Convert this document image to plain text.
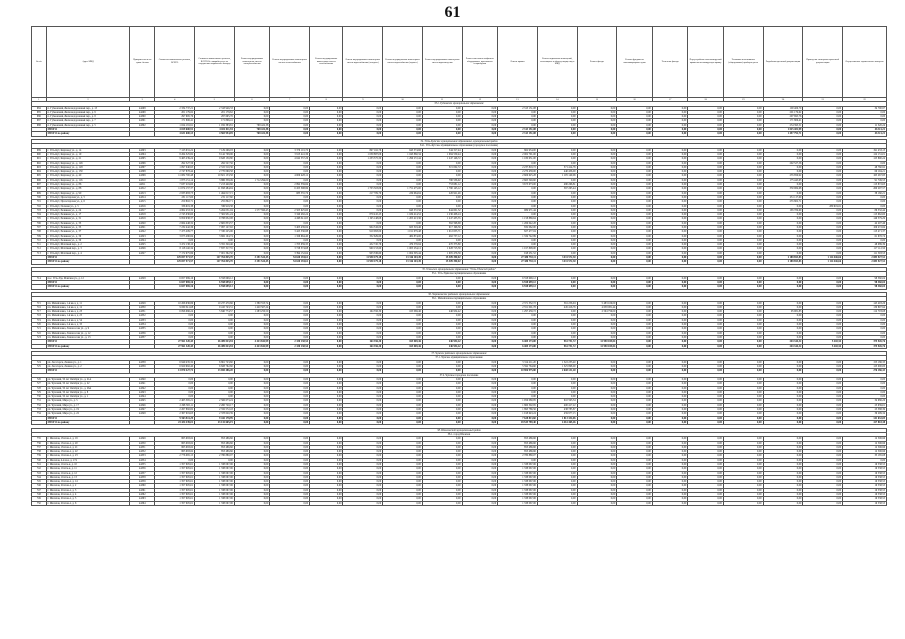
61
№ п/п	Адрес МКД	Приоритетность по сумме баллов	Стоимость капитального ремонта, ВСЕГО	Стоимость капитального ремонта, ВСЕГО Без аварийн.услуг по сооружению подвального колодца	Ремонт внутридомовых инженерных систем электроснабжения	Ремонт внутридомовых инженерных систем теплоснабжения	Ремонт внутридомовых инженерных систем газоснабжения	Ремонт внутридомовых инженерных систем водоснабжения (холодное)	Ремонт внутридомовых инженерных систем водоснабжения (горячее)	Ремонт внутридомовых инженерных систем водоотведения	Ремонт или замена лифтового оборудования, признанного непригодным	Ремонт крыши	Ремонт подвальных помещений, относящихся к общему имуществу в МКД	Ремонт фасада	Ремонт фундамента многоквартирного дома	Утепление фасада	Переустройство невентилируемой крыши на вентилируемую крышу	Установка коллективных (общедомовых) приборов учета	Разработка проектной документации	Проведение экспертизы проектной документации	Осуществление строительного контроля
1	2	3	4	5	6	7	8	9	10	11	12	13	14	15	16	17	18	19	20	21	22
33.2. Губковское муниципальное образование																					
684	п. Губковский, Железнодорожный пер., д. 13	44298	2 334 737,21	2 318 946,33	0,00	0,00	0,00	0,00	0,00	0,00	0,00	2 313 151,08	0,00	0,00	0,00	0,00	0,00	0,00	100 406,70	0,00	34 790,97
685	п. Губковский, Железнодорожный пер., д. 9	44299	201 179,62	201 179,62	0,00	0,00	0,00	0,00	0,00	0,00	0,00	0,00	0,00	0,00	0,00	0,00	0,00	0,00	201 179,62	0,00	0,00
686	п. Губковский, Железнодорожный пер., д. 8	44300	297 695,76	297 695,76	0,00	0,00	0,00	0,00	0,00	0,00	0,00	0,00	0,00	0,00	0,00	0,00	0,00	0,00	297 695,76	0,00	0,00
687	п. Губковский, Железнодорожный пер., д. 7	44301	171 806,41	171 806,41	0,00	0,00	0,00	0,00	0,00	0,00	0,00	0,00	0,00	0,00	0,00	0,00	0,00	0,00	171 806,41	0,00	0,00
688	п. Губковский, Железнодорожный пер., д. 5	44302	1 024 181,91	1 032 383,81	768 422,58	0,00	0,00	0,00	0,00	0,00	0,00	0,00	0,00	0,00	0,00	0,00	0,00	0,00	254 393,51	0,00	11 520,24
	ИТОГО		4 029 600,91	4 022 011,94	768 422,58	0,00	0,00	0,00	0,00	0,00	0,00	2 313 151,08	0,00	0,00	0,00	0,00	0,00	0,00	1 025 481,99	0,00	46 311,21
	ИТОГО по району		4 631 600,13	4 565 954,05	768 422,58	0,00	0,00	0,00	0,00	0,00	0,00	2 313 151,08	0,00	0,00	0,00	0,00	0,00	0,00	1 457 792,71	0,00	46 311,21

34. Усть-Кутское муниципальное образование, муниципальный район																					
34.1. Усть-Кутское муниципальное образование (городское поселение)																					
689	г. Усть-Кут, Кирзавод ул., д. 14	44303	7 123 631,22	7 129 296,03	0,00	3 376 101,70	0,00	897 162,76	643 374,66	544 317,44	0,00	862 954,00	0,00	0,00	0,00	0,00	0,00	0,00	0,00	0,00	191 433,13
690	г. Усть-Кут, Кирзавод ул., д. 19	44304	8 264 325,82	8 142 708,06	0,00	3 913 441,36	0,00	1 039 887,06	1 043 860,34	1 094 559,44	0,00	2 002 791,00	0,00	0,00	0,00	0,00	0,00	0,00	0,00	0,00	122 131,01
691	г. Усть-Кут, Кирзавод ул., д. 21	44305	9 465 239,24	9 628 130,80	0,00	4 642 557,26	0,00	1 233 575,30	1 296 272,44	1 247 146,72	0,00	1 180 651,00	0,00	0,00	0,00	0,00	0,00	0,00	0,00	0,00	125 890,24
692	г. Усть-Кут, Кирзавод ул., д. 126	44306	292 527,56	292 527,56	0,00	0,00	0,00	0,00	0,00	0,00	0,00	0,00	0,00	0,00	0,00	0,00	0,00	0,00	292 527,56	0,00	0,00
693	г. Усть-Кут, Кирзавод ул., д. 128	44307	1 097 040,95	2 315 510,36	0,00	0,00	0,00	0,00	0,00	315 002,72	0,00	2 237 819,72	371 414,76	0,00	0,00	0,00	0,00	0,00	0,00	0,00	48 760,92
694	г. Усть-Кут, Кирзавод ул., д. 130	44308	2 747 878,44	2 770 090,58	0,00	0,00	0,00	0,00	0,00	0,00	0,00	2 270 438,00	440 456,00	0,00	0,00	0,00	0,00	0,00	0,00	0,00	69 194,21
695	г. Усть-Кут, Кирзавод ул., д. 40	44309	11 082 700,48	10 821 153,58	0,00	4 609 428,12	0,00	0,00	0,00	0,00	0,00	2 606 625,28	1 105 149,06	0,00	0,00	0,00	0,00	0,00	235 856,92	0,00	165 267,83
696	г. Усть-Кут, Кирзавод ул., д. 116	44310	1 873 151,14	3 886 358,49	1 712 294,00	0,00	0,00	0,00	0,00	780 536,92	0,00	2 665 549,60	0,00	0,00	0,00	0,00	0,00	0,00	175 445,63	0,00	91 749,53
697	г. Усть-Кут, Кирзавод ул., д. 86	44311	7 637 219,60	7 213 440,66	0,00	2 892 359,84	0,00	0,00	0,00	753 681,12	0,00	3 673 673,00	480 266,81	0,00	0,00	0,00	0,00	0,00	0,00	0,00	113 872,63
698	г. Усть-Кут, Кирзавод ул., д. 88	44312	11 674 137,37	11 658 484,94	0,00	6 455 398,99	0,00	1 703 503,86	1 751 475,00	1 790 145,12	0,00	0,00	367 265,44	0,00	0,00	0,00	0,00	0,00	330 984,68	0,00	260 297,57
699	г. Усть-Кут, Кирзавод ул., д. 90	44313	2 833 983,73	1 494 017,15	0,00	683 555,76	0,00	217 709,79	229 664,94	226 921,46	0,00	0,00	0,00	0,00	0,00	0,00	0,00	0,00	0,00	0,00	38 160,21
700	г. Усть-Кут, Пролетарская ул., д. 5	44314	231 117,60	231 117,60	0,00	0,00	0,00	0,00	0,00	0,00	0,00	0,00	0,00	0,00	0,00	0,00	0,00	0,00	231 117,60	0,00	0,00
701	г. Усть-Кут, Пролетарская ул., д. 6	44315	250 802,71	255 802,71	0,00	0,00	0,00	0,00	0,00	0,00	0,00	0,00	0,00	0,00	0,00	0,00	0,00	0,00	255 802,71	0,00	0,00
702	г. Усть-Кут, Полевая ул., д. 5	44316	336 919,38	336 919,38	0,00	0,00	0,00	0,00	0,00	0,00	0,00	0,00	0,00	0,00	0,00	0,00	0,00	0,00	0,00	289 919,61	0,00
703	г. Усть-Кут, Речников ул., д. 24	44317	4 862 453,32	5 264 051,04	1 577 590,45	2 503 925,60	0,00	0,00	643 372,56	644 601,32	0,00	989 971,44	0,00	0,00	0,00	0,00	0,00	0,00	165 709,60	0,00	86 332,44
704	г. Усть-Кут, Речников ул., д. 17	44318	2 745 030,60	7 302 931,24	0,00	3 340 482,24	0,00	879 410,23	1 029 414,52	1 236 408,24	0,00	0,00	0,00	0,00	0,00	0,00	0,00	0,00	0,00	0,00	115 662,60
705	г. Усть-Кут, Речников ул., д. 31	44319	9 859 938,37	9 788 632,08	0,00	4 498 611,65	0,00	1 195 148,68	1 205 413,36	1 247 433,35	0,00	1 158 889,64	0,00	0,00	0,00	0,00	0,00	0,00	0,00	0,00	149 379,29
706	г. Усть-Кут, Речников ул., д. 33	44320	2 664 448,32	2 665 853,57	0,00	0,00	0,00	0,00	0,00	362 598,68	0,00	1 266 042,28	0,00	0,00	0,00	0,00	0,00	0,00	0,00	0,00	42 207,46
707	г. Усть-Кут, Речников ул., д. 35	44321	7 232 442,36	7 097 127,92	0,00	3 403 439,84	0,00	904 316,00	925 319,46	917 196,56	0,00	832 062,00	0,00	0,00	0,00	0,00	0,00	0,00	0,00	0,00	109 272,84
708	г. Усть-Кут, Речников ул., д. 37	44322	7 475 209,77	7 330 225,06	0,00	3 425 336,88	0,00	910 093,00	1 011 679,48	1 012 653,71	0,00	827 477,04	0,00	0,00	0,00	0,00	0,00	0,00	0,00	0,00	113 471,37
709	г. Усть-Кут, Речников ул., д. 39	44323	3 675 280,84	3 682 104,74	0,00	1 326 664,40	0,00	352 629,60	482 874,00	462 757,12	0,00	1 334 742,89	0,00	0,00	0,00	0,00	0,00	0,00	0,00	0,00	61 676,74
710	г. Усть-Кут, Речников ул., д. 30	44324	0,00	0,00	0,00	0,00	0,00	0,00	0,00	0,00	0,00	0,00	0,00	0,00	0,00	0,00	0,00	0,00	0,00	0,00	0,00
711	г. Усть-Кут, Шахтный пер., д. 2	44325	3 472 138,10	3 355 320,46	0,00	1 703 059,35	0,00	452 745,76	479 576,94	470 373,80	0,00	0,00	0,00	0,00	0,00	0,00	0,00	0,00	0,00	0,00	48 089,39
712	г. Усть-Кут, Шахтный пер., д. 3	44326	8 118 140,34	7 837 317,55	0,00	3 728 374,68	0,00	960 153,60	1 005 234,12	1 028 713,58	0,00	1 017 808,00	0,00	0,00	0,00	0,00	0,00	0,00	0,00	0,00	117 112,50
713	г. Усть-Кут, Шахтный пер., д. 4	44327	7 172 975,99	7 001 362,50	0,00	3 394 152,64	0,00	903 336,60	1 004 305,44	1 005 476,39	0,00	918 231,52	0,00	0,00	0,00	0,00	0,00	0,00	0,00	0,00	111 593,53
	ИТОГО		129 057 571,57	127 764 845,70	3 291 524,45	54 620 194,61	0,00	11 950 179,18	13 316 103,49	15 309 390,02	0,00	27 380 792,11	3 011 572,30	0,00	0,00	0,00	0,00	0,00	2 188 853,83	1 114 446,66	2 083 927,51
	ИТОГО по району		129 057 571,57	127 764 845,70	3 291 524,45	54 620 194,61	0,00	11 950 179,18	13 316 103,49	15 309 390,02	0,00	27 380 792,11	3 011 572,30	0,00	0,00	0,00	0,00	0,00	2 188 853,83	1 114 446,66	2 083 927,51

35. Усольское муниципальное образование "Усть-Удинский район"																					
35.1. Усть-Удинское муниципальное образование																					
714	пос. Усть-Уда, Майская ул., д. 12	44328	6 657 069,16	6 558 699,12	0,00	0,00	0,00	0,00	0,00	0,00	0,00	6 558 699,12	0,00	0,00	0,00	0,00	0,00	0,00	0,00	0,00	98 360,04
	ИТОГО		6 657 069,16	6 558 699,12	0,00	0,00	0,00	0,00	0,00	0,00	0,00	6 558 699,12	0,00	0,00	0,00	0,00	0,00	0,00	0,00	0,00	98 360,04
	ИТОГО по району		6 657 069,16	6 558 699,12	0,00	0,00	0,00	0,00	0,00	0,00	0,00	6 558 699,12	0,00	0,00	0,00	0,00	0,00	0,00	0,00	0,00	98 360,04

36. Черемховское районное муниципальное образование																					
36.1. Михайловское муниципальное образование																					
715	пп. Михайловка, 1-й кв-л, д. 11	44329	10 266 936,86	10 237 470,66	1 380 553,74	0,00	0,00	0,00	0,00	0,00	0,00	2 371 332,72	361 256,94	5 483 106,00	0,00	0,00	0,00	0,00	0,00	0,00	145 493,26
716	пп. Михайловка, 1-й кв-л, д. 12	44330	9 600 611,68	9 410 743,31	1 420 567,24	0,00	0,00	0,00	0,00	0,00	0,00	2 551 001,78	445 416,76	4 658 081,44	0,00	0,00	0,00	0,00	0,00	0,00	130 897,94
717	пп. Михайловка, 1-й кв-л, д. 23	44331	6 096 066,24	5 840 774,57	1 283 250,50	0,00	0,00	164 356,30	165 069,46	246 954,42	0,00	1 297 459,72	0,00	2 504 756,00	0,00	0,00	0,00	0,00	95 981,83	0,00	112 703,08
718	пп. Михайловка, 1-й кв-л, д. 25	44332	0,00	0,00	0,00	0,00	0,00	0,00	0,00	0,00	0,00	0,00	0,00	0,00	0,00	0,00	0,00	0,00	0,00	0,00	0,00
719	пп. Михайловка, 2-й кв-л, д. 54	44333	0,00	0,00	0,00	0,00	0,00	0,00	0,00	0,00	0,00	0,00	0,00	0,00	0,00	0,00	0,00	0,00	0,00	0,00	0,00
720	пп. Михайловка, 2-й кв-л, д. 35	44334	0,00	0,00	0,00	0,00	0,00	0,00	0,00	0,00	0,00	0,00	0,00	0,00	0,00	0,00	0,00	0,00	0,00	0,00	0,00
721	пп. Михайловка, Ломоносова ул., д. 9	44335	0,00	0,00	0,00	0,00	0,00	0,00	0,00	0,00	0,00	0,00	0,00	0,00	0,00	0,00	0,00	0,00	0,00	0,00	0,00
722	пп. Михайловка, Ломоносова ул., д. 12	44336	0,00	0,00	0,00	0,00	0,00	0,00	0,00	0,00	0,00	0,00	0,00	0,00	0,00	0,00	0,00	0,00	0,00	0,00	0,00
723	пп. Михайловка, Ломоносова ул., д. 13	44337	0,00	0,00	0,00	0,00	0,00	0,00	0,00	0,00	0,00	0,00	0,00	0,00	0,00	0,00	0,00	0,00	0,00	0,00	0,00
	ИТОГО		27 961 320,45	26 489 023,94	4 423 842,99	2 330 138,54	0,00	164 356,30	165 069,46	246 954,42	0,00	6 469 173,00	961 751,72	12 990 035,04	0,00	0,00	0,00	0,00	263 344,32	5 202,54	375 926,76
	ИТОГО по району		27 961 320,45	26 489 023,94	4 423 842,99	2 330 138,54	0,00	164 356,30	165 069,46	246 954,42	0,00	6 469 173,00	961 751,72	12 990 035,04	0,00	0,00	0,00	0,00	263 344,32	5 202,54	375 926,76

37. Чунское районное муниципальное образование																					
37.1. Чунское муниципальное образование																					
724	рп. Лесогорск, Ленина ул., д. 1	44338	6 949 435,32	6 861 723,60	0,00	0,00	0,00	0,00	0,00	0,00	0,00	5 314 211,20	1 322 233,40	0,00	0,00	0,00	0,00	0,00	0,00	0,00	153 186,33
725	рп. Лесогорск, Ленина ул., д. 2	44339	6 920 992,40	6 828 762,60	0,00	0,00	0,00	0,00	0,00	0,00	0,00	5 592 764,60	1 325 898,00	0,00	0,00	0,00	0,00	0,00	0,00	0,00	123 000,00
	ИТОГО		13 870 427,72	13 690 486,20	0,00	0,00	0,00	0,00	0,00	0,00	0,00	10 906 975,80	2 648 131,40	0,00	0,00	0,00	0,00	0,00	0,00	0,00	276 186,33
37.2. Чунское городское поселение																					
726	рп. Чунский, 50 лет Октября ул., д. 21А	44340	0,00	0,00	0,00	0,00	0,00	0,00	0,00	0,00	0,00	0,00	0,00	0,00	0,00	0,00	0,00	0,00	0,00	0,00	0,00
727	рп. Чунский, 50 лет Октября ул., д. 22	44341	0,00	0,00	0,00	0,00	0,00	0,00	0,00	0,00	0,00	0,00	0,00	0,00	0,00	0,00	0,00	0,00	0,00	0,00	0,00
728	рп. Чунский, 50 лет Октября ул., д. 26А	44342	0,00	0,00	0,00	0,00	0,00	0,00	0,00	0,00	0,00	0,00	0,00	0,00	0,00	0,00	0,00	0,00	0,00	0,00	0,00
729	рп. Чунский, 50 лет Октября ул., д. 8	44343	0,00	0,00	0,00	0,00	0,00	0,00	0,00	0,00	0,00	0,00	0,00	0,00	0,00	0,00	0,00	0,00	0,00	0,00	0,00
730	рп. Чунский, 50 лет Октября ул., д. 1	44344	0,00	0,00	0,00	0,00	0,00	0,00	0,00	0,00	0,00	0,00	0,00	0,00	0,00	0,00	0,00	0,00	0,00	0,00	0,00
731	рп. Чунский, Мира ул., д. 5	44345	2 465 565,21	2 566 673,24	0,00	0,00	0,00	0,00	0,00	0,00	0,00	1 956 080,85	610 593,34	0,00	0,00	0,00	0,00	0,00	0,00	0,00	34 986,26
732	рп. Чунский, Мира ул., д. 17	44346	2 298 565,11	2 260 720,17	0,00	0,00	0,00	0,00	0,00	0,00	0,00	1 860 302,95	400 417,22	0,00	0,00	0,00	0,00	0,00	0,00	0,00	23 939,61
733	рп. Чунский, Мира ул., д. 19	44347	2 267 882,82	2 332 572,43	0,00	0,00	0,00	0,00	0,00	0,00	0,00	1 893 786,56	438 785,87	0,00	0,00	0,00	0,00	0,00	0,00	0,00	25 388,39
734	рп. Чунский, Мира ул., д. 22	44348	2 367 919,63	2 378 620,39	0,00	0,00	0,00	0,00	0,00	0,00	0,00	1 918 643,24	459 977,15	0,00	0,00	0,00	0,00	0,00	0,00	0,00	39 299,34
	ИТОГО		9 563 811,29	9 442 178,99	0,00	0,00	0,00	0,00	0,00	0,00	0,00	7 628 813,60	1 813 334,06	0,00	0,00	0,00	0,00	0,00	0,00	0,00	141 632,05
	ИТОГО по району		23 434 239,01	23 132 665,19	0,00	0,00	0,00	0,00	0,00	0,00	0,00	18 535 789,40	4 461 465,46	0,00	0,00	0,00	0,00	0,00	0,00	0,00	417 818,38

38. Шелеховский муниципальный район																					
38.1. город Шелехов																					
735	г. Шелехов, 18-й кв-л, д. 19	44349	865 993,62	853 486,66	0,00	0,00	0,00	0,00	0,00	0,00	0,00	853 486,66	0,00	0,00	0,00	0,00	0,00	0,00	0,00	0,00	12 506,96
736	г. Шелехов, 18-й кв-л, д. 20	44350	865 993,62	853 486,66	0,00	0,00	0,00	0,00	0,00	0,00	0,00	853 486,66	0,00	0,00	0,00	0,00	0,00	0,00	0,00	0,00	12 506,96
737	г. Шелехов, 18-й кв-л, д. 21	44351	865 993,62	853 486,66	0,00	0,00	0,00	0,00	0,00	0,00	0,00	853 486,66	0,00	0,00	0,00	0,00	0,00	0,00	0,00	0,00	12 506,96
738	г. Шелехов, 18-й кв-л, д. 22	44352	865 993,62	853 486,66	0,00	0,00	0,00	0,00	0,00	0,00	0,00	853 486,66	0,00	0,00	0,00	0,00	0,00	0,00	0,00	0,00	12 506,96
739	г. Шелехов, 19-й кв-л, д. 23	44353	2 776 065,15	2 780 880,07	0,00	0,00	0,00	0,00	0,00	0,00	0,00	2 780 880,07	0,00	0,00	0,00	0,00	0,00	0,00	0,00	0,00	35 185,08
740	г. Шелехов, 4-й м-н, д. 174	44354	0,00	0,00	0,00	0,00	0,00	0,00	0,00	0,00	0,00	0,00	0,00	0,00	0,00	0,00	0,00	0,00	0,00	0,00	0,00
741	г. Шелехов, 10-й м-н, д. 10	44355	1 357 605,61	1 338 067,06	0,00	0,00	0,00	0,00	0,00	0,00	0,00	1 338 067,06	0,00	0,00	0,00	0,00	0,00	0,00	0,00	0,00	19 538,55
742	г. Шелехов, 10-й м-н, д. 11	44356	1 357 605,61	1 338 067,06	0,00	0,00	0,00	0,00	0,00	0,00	0,00	1 338 067,06	0,00	0,00	0,00	0,00	0,00	0,00	0,00	0,00	19 538,55
743	г. Шелехов, 10-й м-н, д. 12	44357	1 357 605,61	1 338 067,06	0,00	0,00	0,00	0,00	0,00	0,00	0,00	1 338 067,06	0,00	0,00	0,00	0,00	0,00	0,00	0,00	0,00	19 538,55
744	г. Шелехов, 10-й м-н, д. 13	44358	1 357 605,61	1 338 067,06	0,00	0,00	0,00	0,00	0,00	0,00	0,00	1 338 067,06	0,00	0,00	0,00	0,00	0,00	0,00	0,00	0,00	19 538,55
745	г. Шелехов, 19-й кв-л, д. 14	44359	1 357 605,61	1 338 067,06	0,00	0,00	0,00	0,00	0,00	0,00	0,00	1 338 067,06	0,00	0,00	0,00	0,00	0,00	0,00	0,00	0,00	19 538,55
746	г. Шелехов, 20-й кв-л, д. 2	44360	1 357 605,61	1 338 067,06	0,00	0,00	0,00	0,00	0,00	0,00	0,00	1 338 067,06	0,00	0,00	0,00	0,00	0,00	0,00	0,00	0,00	19 538,55
747	г. Шелехов, 20-й кв-л, д. 3	44361	1 357 605,61	1 338 067,06	0,00	0,00	0,00	0,00	0,00	0,00	0,00	1 338 067,06	0,00	0,00	0,00	0,00	0,00	0,00	0,00	0,00	19 538,55
748	г. Шелехов, 20-й кв-л, д. 4	44362	1 357 605,61	1 338 067,06	0,00	0,00	0,00	0,00	0,00	0,00	0,00	1 338 067,06	0,00	0,00	0,00	0,00	0,00	0,00	0,00	0,00	19 538,55
749	г. Шелехов, 20-й кв-л, д. 5	44363	1 357 605,61	1 338 067,06	0,00	0,00	0,00	0,00	0,00	0,00	0,00	1 338 067,06	0,00	0,00	0,00	0,00	0,00	0,00	0,00	0,00	19 538,55
750	г. Шелехов, 20-й кв-л, д. 6	44364	1 357 605,61	1 338 067,06	0,00	0,00	0,00	0,00	0,00	0,00	0,00	1 338 067,06	0,00	0,00	0,00	0,00	0,00	0,00	0,00	0,00	19 538,55
